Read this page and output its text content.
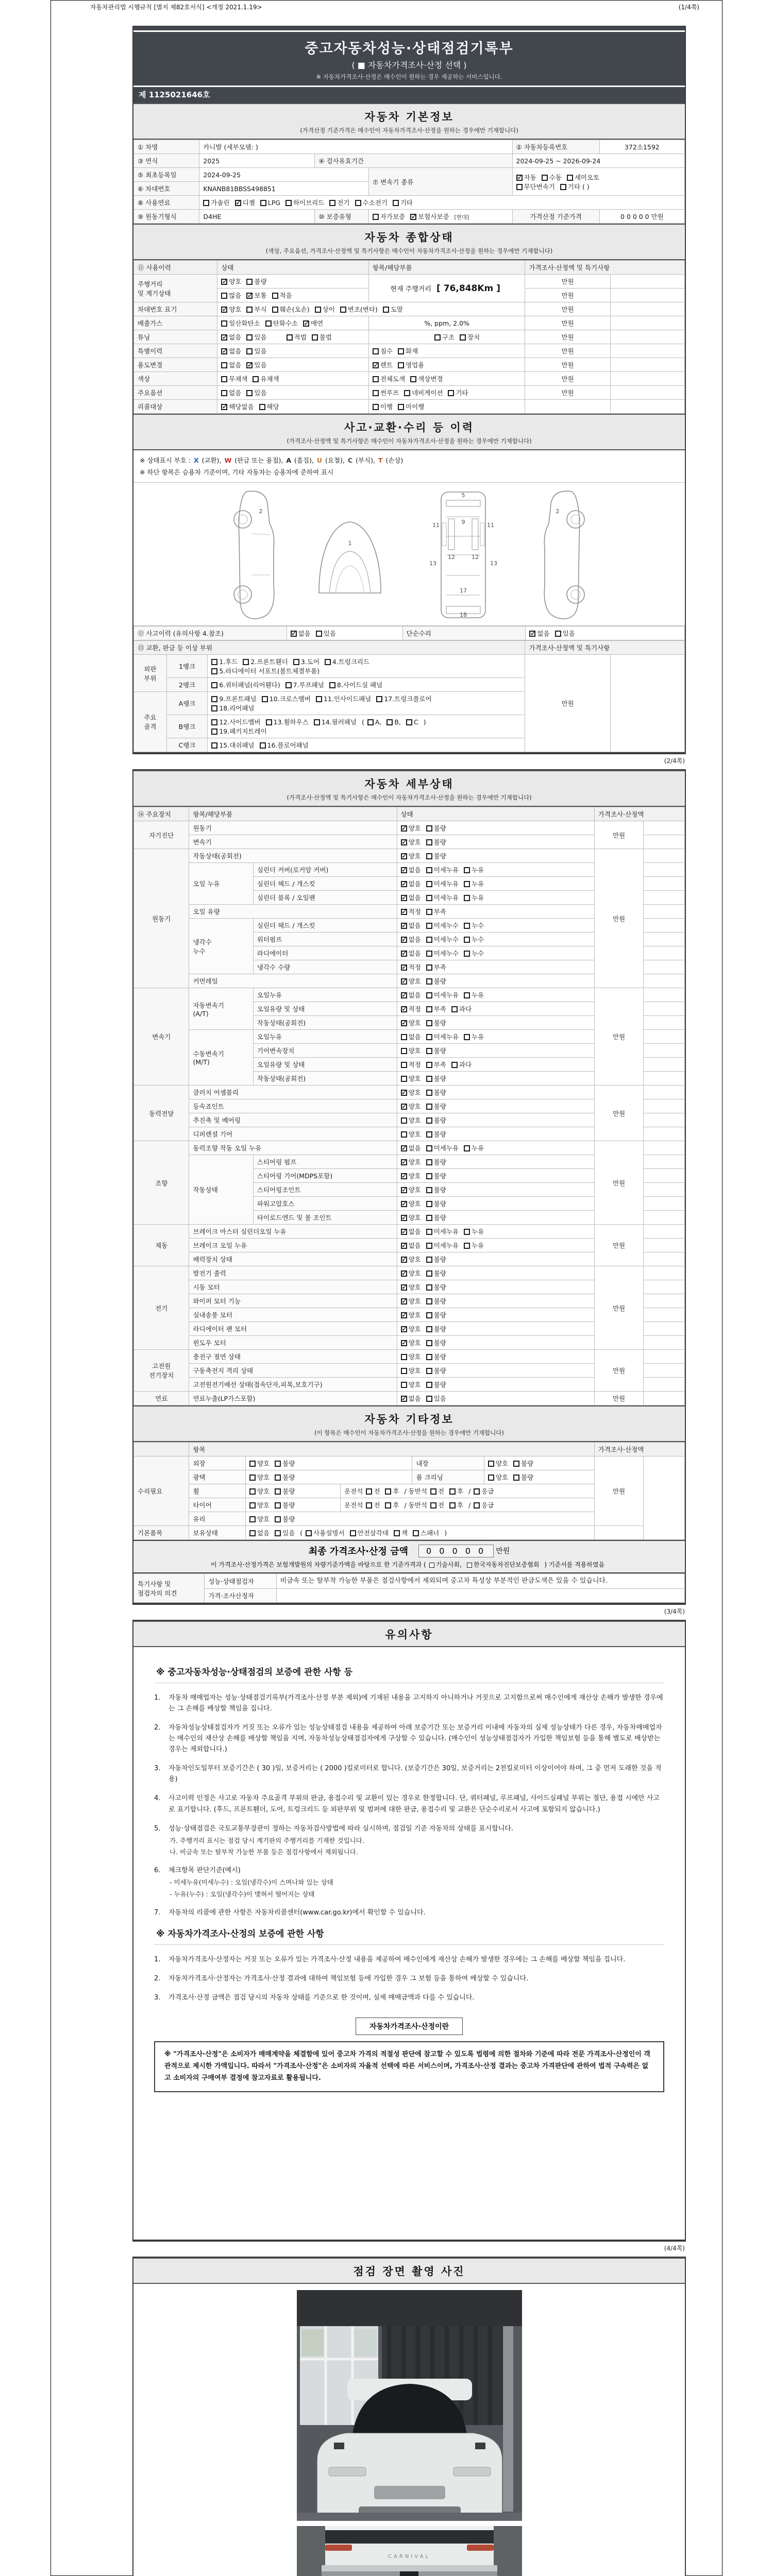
자동차관리법 시행규칙 [별지 제82호서식] <개정 2021.1.19>	(1/4쪽)
중고자동차성능·상태점검기록부
( ■ 자동차가격조사·산정 선택 )
※ 자동차가격조사·산정은 매수인이 원하는 경우 제공하는 서비스입니다.
제 1125021646호
자동차 기본정보
(가격산정 기준가격은 매수인이 자동차가격조사·산정을 원하는 경우에만 기재합니다)
① 차명	카니발 (세부모델: )			② 자동차등록번호	372소1592
③ 연식	2025	④ 검사유효기간		2024-09-25 ~ 2026-09-24	
⑤ 최초등록일	2024-09-25		⑦ 변속기 종류	✓자동 수동 세미오토
무단변속기 기타 ( )
⑥ 차대번호	KNANB81BBSS498851				
⑧ 사용연료	가솔린 ✓ 디젤 LPG 하이브리드 전기 수소전기 기타
⑨ 원동기형식	D4HE	⑩ 보증유형	자가보증 ✓ 보험사보증 [현대]	가격산정 기준가격	0 0 0 0 0 만원
자동차 종합상태
(색상, 주요옵션, 가격조사·산정액 및 특기사항은 매수인이 자동차가격조사·산정을 원하는 경우에만 기재합니다)
⑪ 사용이력	상태	항목/해당부품	가격조사·산정액 및 특기사항	
주행거리
및 계기상태	✓양호 불량	현재 주행거리 [ 76,848Km ]	만원	
	많음 ✓ 보통 적음		만원	
차대번호 표기	✓양호 부식 훼손(오손) 상이 변조(변타) 도말		만원	
배출가스	일산화탄소 탄화수소 ✓ 매연	%, ppm, 2.0%	만원	
튜닝	✓없음 있음 적법 불법	구조 장치	만원	
특별이력	✓없음 있음	침수 화재	만원	
용도변경	없음 ✓ 있음	✓렌트 영업용	만원	
색상	무채색 유채색	전체도색 색상변경	만원	
주요옵션	없음 있음	썬루프 네비게이션 기타	만원	
리콜대상	✓해당없음 해당	이행 미이행		
사고·교환·수리 등 이력
(가격조사·산정액 및 특기사항은 매수인이 자동차가격조사·산정을 원하는 경우에만 기재합니다)
※ 상태표시 부호 : X (교환), W (판금 또는 용접), A (흠집), U (요철), C (부식), T (손상)
※ 하단 항목은 승용차 기준이며, 기타 자동차는 승용차에 준하여 표시
2
1
5
11	11
9
12	12
13	13
17
18
2
⑫ 사고이력 (유의사항 4.참조)	✓없음 있음	단순수리	✓없음 있음
⑬ 교환, 판금 등 이상 부위			가격조사·산정액 및 특기사항	
외판
부위	1랭크	1.후드 2.프론트휀더 3.도어 4.트렁크리드
5.라디에이터 서포트(볼트체결부품)	만원	
	2랭크	6.쿼터패널(리어휀다) 7.루프패널 8.사이드실 패널		
주요
골격	A랭크	9.프론트패널 10.크로스멤버 11.인사이드패널 17.트렁크플로어
18.리어패널		
	B랭크	12.사이드멤버 13.휠하우스 14.필러패널 ( A, B, C )
19.패키지트레이		
	C랭크	15.대쉬패널 16.플로어패널		
(2/4쪽)
자동차 세부상태
(가격조사·산정액 및 특기사항은 매수인이 자동차가격조사·산정을 원하는 경우에만 기재합니다)
⑭ 주요장치	항목/해당부품		상태	가격조사·산정액	
자기진단	원동기	✓양호 불량	만원	
	변속기	✓양호 불량	
원동기	작동상태(공회전)	✓양호 불량	만원	
	오일 누유	실린더 커버(로커암 커버)	✓없음 미세누유 누유	
		실린더 헤드 / 개스킷	✓없음 미세누유 누유	
		실린더 블록 / 오일팬	✓없음 미세누유 누유	
	오일 유량	✓적정 부족	
	냉각수
누수	실린더 헤드 / 개스킷	✓없음 미세누수 누수	
		워터펌프	✓없음 미세누수 누수	
		라디에이터	✓없음 미세누수 누수	
		냉각수 수량	✓적정 부족	
	커먼레일	✓양호 불량	
변속기	자동변속기
(A/T)	오일누유	✓없음 미세누유 누유	만원	
		오일유량 및 상태	✓적정 부족 과다	
		작동상태(공회전)	✓양호 불량	
	수동변속기
(M/T)	오일누유	없음 미세누유 누유		
		기어변속장치	양호 불량		
		오일유량 및 상태	적정 부족 과다		
		작동상태(공회전)	양호 불량		
동력전달	클러치 어셈블리	✓양호 불량	만원	
	등속죠인트	✓양호 불량	
	추진축 및 베어링		양호 불량		
	디퍼렌셜 기어		양호 불량		
조향	동력조향 작동 오일 누유	✓없음 미세누유 누유	만원	
	작동상태	스티어링 펌프	✓양호 불량	
		스티어링 기어(MDPS포함)	✓양호 불량	
		스티어링조인트	✓양호 불량	
		파워고압호스	✓양호 불량	
		타이로드엔드 및 볼 조인트	✓양호 불량	
제동	브레이크 마스터 실린더오일 누유	✓없음 미세누유 누유	만원	
	브레이크 오일 누유	✓없음 미세누유 누유	
	배력장치 상태	✓양호 불량	
전기	발전기 출력	✓양호 불량	만원	
	시동 모터	✓양호 불량	
	와이퍼 모터 기능	✓양호 불량	
	실내송풍 모터	✓양호 불량	
	라디에이터 팬 모터	✓양호 불량	
	윈도우 모터	✓양호 불량	
고전원
전기장치	충전구 절연 상태		양호 불량	만원	
	구동축전지 격리 상태		양호 불량		
	고전원전기배선 상태(접속단자,피복,보호기구)		양호 불량		
연료	연료누출(LP가스포함)	✓없음 있음	만원	
자동차 기타정보
(이 항목은 매수인이 자동차가격조사·산정을 원하는 경우에만 기재합니다)
	항목					가격조사·산정액	
수리필요	외장	양호 불량		내장	양호 불량	만원	
	광택	양호 불량		룸 크리닝	양호 불량		
	휠	양호 불량	운전석 전 후 / 동반석 전 후 / 응급				
	타이어	양호 불량	운전석 전 후 / 동반석 전 후 / 응급				
	유리	양호 불량					
기본품목	보유상태	없음 있음 ( 사용설명서 안전삼각대 잭 스패너 )					
최종 가격조사·산정 금액 0 0 0 0 0 만원
이 가격조사·산정가격은 보험개발원의 차량기준가액을 바탕으로 한 기준가격과 ( 기술사회, 한국자동차진단보증협회 ) 기준서를 적용하였음
특기사항 및
점검자의 의견	성능·상태점검자	비금속 또는 탈부착 가능한 부품은 점검사항에서 제외되며 중고차 특성상 부분적인 판금도색은 있을 수 있습니다.
	가격·조사산정자	
(3/4쪽)
유의사항
※ 중고자동차성능·상태점검의 보증에 관한 사항 등
1.	자동차 매매업자는 성능·상태점검기록부(가격조사·산정 부분 제외)에 기재된 내용을 고지하지 아니하거나 거짓으로 고지함으로써 매수인에게 재산상 손해가 발생한 경우에는 그 손해를 배상할 책임을 집니다.
2.	자동차성능상태점검자가 거짓 또는 오류가 있는 성능상태점검 내용을 제공하여 아래 보증기간 또는 보증거리 이내에 자동차의 실제 성능상태가 다른 경우, 자동차매매업자는 매수인의 재산상 손해를 배상할 책임을 지며, 자동차성능상태점검자에게 구상할 수 있습니다. (매수인이 성능상태점검자가 가입한 책임보험 등을 통해 별도로 배상받는 경우는 제외합니다.)
3.	자동차인도일부터 보증기간은 ( 30 )일, 보증거리는 ( 2000 )킬로미터로 합니다. (보증기간은 30일, 보증거리는 2천킬로미터 이상이어야 하며, 그 중 먼저 도래한 것을 적용)
4.	사고이력 인정은 사고로 자동차 주요골격 부위의 판금, 용접수리 및 교환이 있는 경우로 한정합니다. 단, 쿼터패널, 루프패널, 사이드실패널 부위는 절단, 용접 시에만 사고로 표기합니다. (후드, 프론트휀더, 도어, 트렁크리드 등 외판부위 및 범퍼에 대한 판금, 용접수리 및 교환은 단순수리로서 사고에 포함되지 않습니다.)
5.	성능·상태점검은 국토교통부장관이 정하는 자동차검사방법에 따라 실시하며, 점검일 기준 자동차의 상태를 표시합니다.
가. 주행거리 표시는 점검 당시 계기판의 주행거리를 기재한 것입니다.
나. 비금속 또는 탈부착 가능한 부품 등은 점검사항에서 제외됩니다.
6.	체크항목 판단기준(예시)
- 미세누유(미세누수) : 오일(냉각수)이 스며나와 있는 상태
- 누유(누수) : 오일(냉각수)이 맺혀서 떨어지는 상태
7.	자동차의 리콜에 관한 사항은 자동차리콜센터(www.car.go.kr)에서 확인할 수 있습니다.
※ 자동차가격조사·산정의 보증에 관한 사항
1.	자동차가격조사·산정자는 거짓 또는 오류가 있는 가격조사·산정 내용을 제공하여 매수인에게 재산상 손해가 발생한 경우에는 그 손해를 배상할 책임을 집니다.
2.	자동차가격조사·산정자는 가격조사·산정 결과에 대하여 책임보험 등에 가입한 경우 그 보험 등을 통하여 배상할 수 있습니다.
3.	가격조사·산정 금액은 점검 당시의 자동차 상태를 기준으로 한 것이며, 실제 매매금액과 다를 수 있습니다.
자동차가격조사·산정이란
※ "가격조사·산정"은 소비자가 매매계약을 체결함에 있어 중고차 가격의 적절성 판단에 참고할 수 있도록 법령에 의한 절차와 기준에 따라 전문 가격조사·산정인이 객관적으로 제시한 가액입니다. 따라서 "가격조사·산정"은 소비자의 자율적 선택에 따른 서비스이며, 가격조사·산정 결과는 중고차 가격판단에 관하여 법적 구속력은 없고 소비자의 구매여부 결정에 참고자료로 활용됩니다.
(4/4쪽)
점검 장면 촬영 사진
CARNIVAL
